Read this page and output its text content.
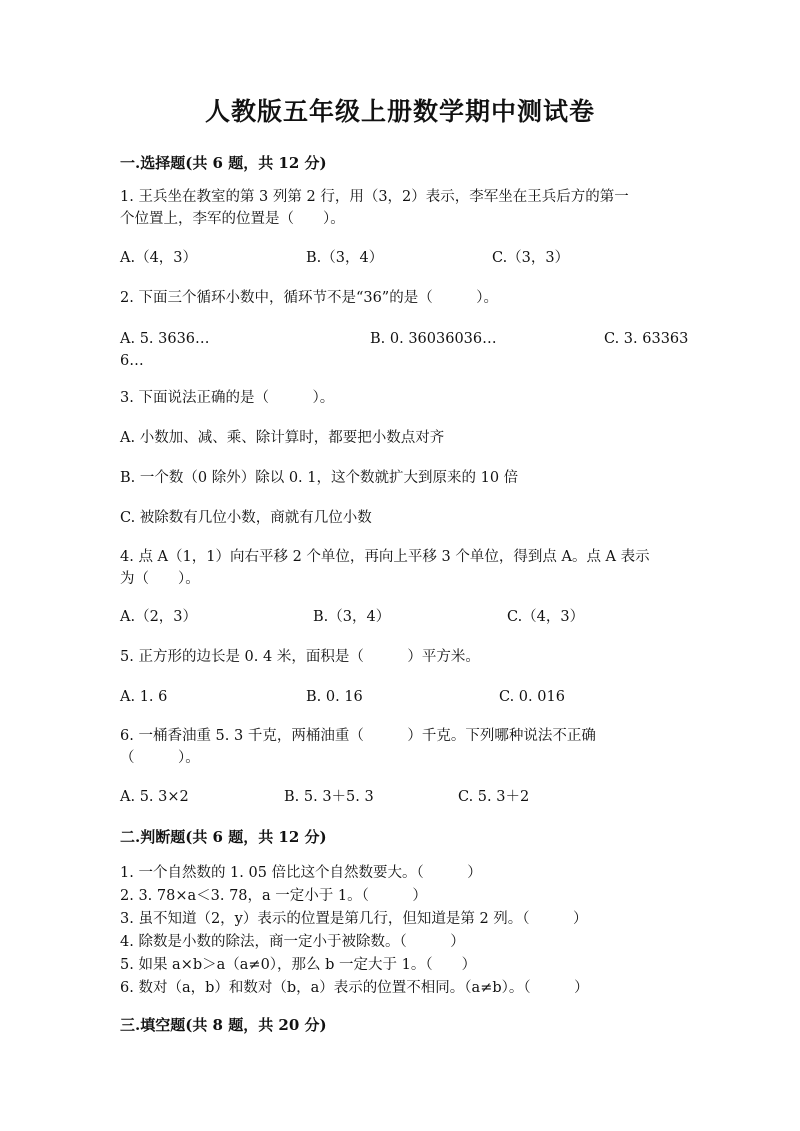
人教版五年级上册数学期中测试卷
一.选择题(共 6 题，共 12 分)
1. 王兵坐在教室的第 3 列第 2 行，用（3，2）表示，李军坐在王兵后方的第一
个位置上，李军的位置是（　　）。
A.（4，3）	B.（3，4）	C.（3，3）
2. 下面三个循环小数中，循环节不是“36”的是（　　　）。
A. 5. 3636…	B. 0. 36036036…	C. 3. 63363
6…
3. 下面说法正确的是（　　　）。
A. 小数加、减、乘、除计算时，都要把小数点对齐
B. 一个数（0 除外）除以 0. 1，这个数就扩大到原来的 10 倍
C. 被除数有几位小数，商就有几位小数
4. 点 A（1，1）向右平移 2 个单位，再向上平移 3 个单位，得到点 A。点 A 表示
为（　　）。
A.（2，3）	B.（3，4）	C.（4，3）
5. 正方形的边长是 0. 4 米，面积是（　　　）平方米。
A. 1. 6	B. 0. 16	C. 0. 016
6. 一桶香油重 5. 3 千克，两桶油重（　　　）千克。下列哪种说法不正确
（　　　）。
A. 5. 3×2	B. 5. 3＋5. 3	C. 5. 3＋2
二.判断题(共 6 题，共 12 分)
1. 一个自然数的 1. 05 倍比这个自然数要大。（　　　）
2. 3. 78×a＜3. 78，a 一定小于 1。（　　　）
3. 虽不知道（2，y）表示的位置是第几行，但知道是第 2 列。（　　　）
4. 除数是小数的除法，商一定小于被除数。（　　　）
5. 如果 a×b＞a（a≠0），那么 b 一定大于 1。（　　）
6. 数对（a，b）和数对（b，a）表示的位置不相同。（a≠b）。（　　　）
三.填空题(共 8 题，共 20 分)
